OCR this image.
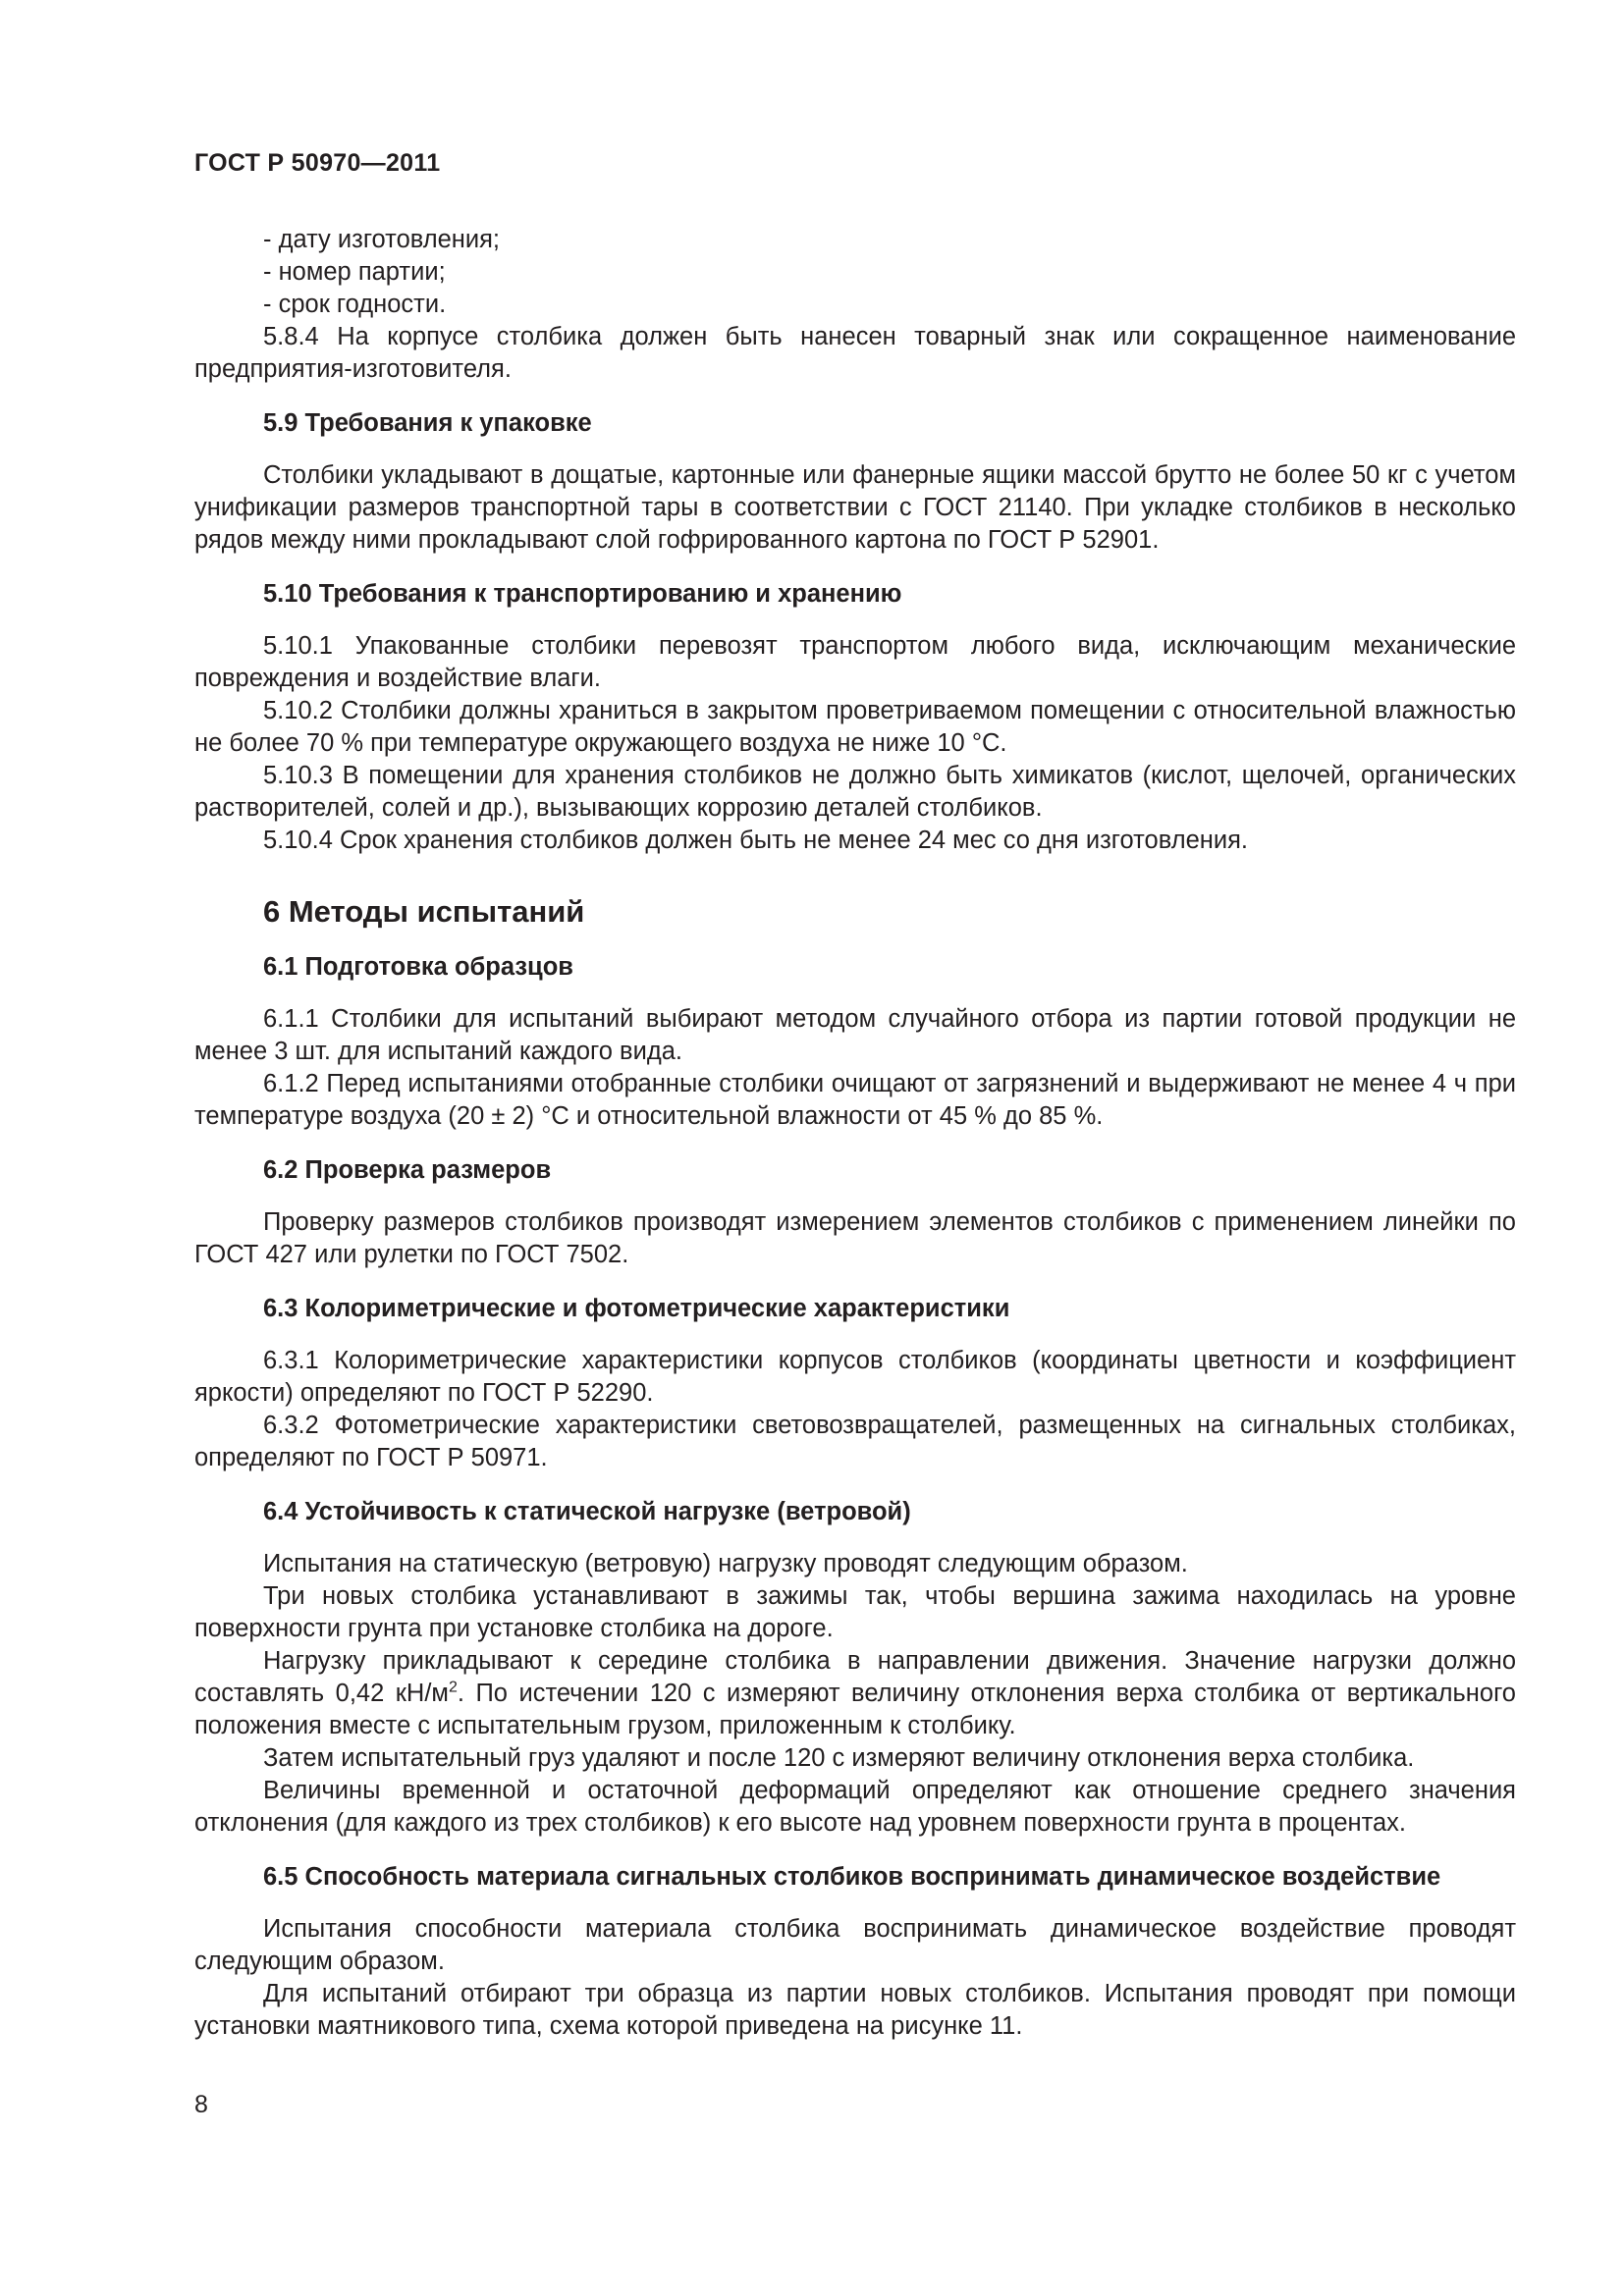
ГОСТ Р 50970—2011

- дату изготовления;

- номер партии;

- срок годности.

5.8.4 На корпусе столбика должен быть нанесен товарный знак или сокращенное наименование предприятия-изготовителя.

5.9 Требования к упаковке

Столбики укладывают в дощатые, картонные или фанерные ящики массой брутто не более 50 кг с учетом унификации размеров транспортной тары в соответствии с ГОСТ 21140. При укладке столбиков в несколько рядов между ними прокладывают слой гофрированного картона по ГОСТ Р 52901.

5.10 Требования к транспортированию и хранению

5.10.1 Упакованные столбики перевозят транспортом любого вида, исключающим механические повреждения и воздействие влаги.

5.10.2 Столбики должны храниться в закрытом проветриваемом помещении с относительной влажностью не более 70 % при температуре окружающего воздуха не ниже 10 °С.

5.10.3 В помещении для хранения столбиков не должно быть химикатов (кислот, щелочей, органических растворителей, солей и др.), вызывающих коррозию деталей столбиков.

5.10.4 Срок хранения столбиков должен быть не менее 24 мес со дня изготовления.

6 Методы испытаний

6.1 Подготовка образцов

6.1.1 Столбики для испытаний выбирают методом случайного отбора из партии готовой продукции не менее 3 шт. для испытаний каждого вида.

6.1.2 Перед испытаниями отобранные столбики очищают от загрязнений и выдерживают не менее 4 ч при температуре воздуха (20 ± 2) °С и относительной влажности от 45 % до 85 %.

6.2 Проверка размеров

Проверку размеров столбиков производят измерением элементов столбиков с применением линейки по ГОСТ 427 или рулетки по ГОСТ 7502.

6.3 Колориметрические и фотометрические характеристики

6.3.1 Колориметрические характеристики корпусов столбиков (координаты цветности и коэффициент яркости) определяют по ГОСТ Р 52290.

6.3.2 Фотометрические характеристики световозвращателей, размещенных на сигнальных столбиках, определяют по ГОСТ Р 50971.

6.4 Устойчивость к статической нагрузке (ветровой)

Испытания на статическую (ветровую) нагрузку проводят следующим образом.

Три новых столбика устанавливают в зажимы так, чтобы вершина зажима находилась на уровне поверхности грунта при установке столбика на дороге.

Нагрузку прикладывают к середине столбика в направлении движения. Значение нагрузки должно составлять 0,42 $кН/м^2$. По истечении 120 с измеряют величину отклонения верха столбика от вертикального положения вместе с испытательным грузом, приложенным к столбику.

Затем испытательный груз удаляют и после 120 с измеряют величину отклонения верха столбика.

Величины временной и остаточной деформаций определяют как отношение среднего значения отклонения (для каждого из трех столбиков) к его высоте над уровнем поверхности грунта в процентах.

6.5 Способность материала сигнальных столбиков воспринимать динамическое воздействие

Испытания способности материала столбика воспринимать динамическое воздействие проводят следующим образом.

Для испытаний отбирают три образца из партии новых столбиков. Испытания проводят при помощи установки маятникового типа, схема которой приведена на рисунке 11.

8
